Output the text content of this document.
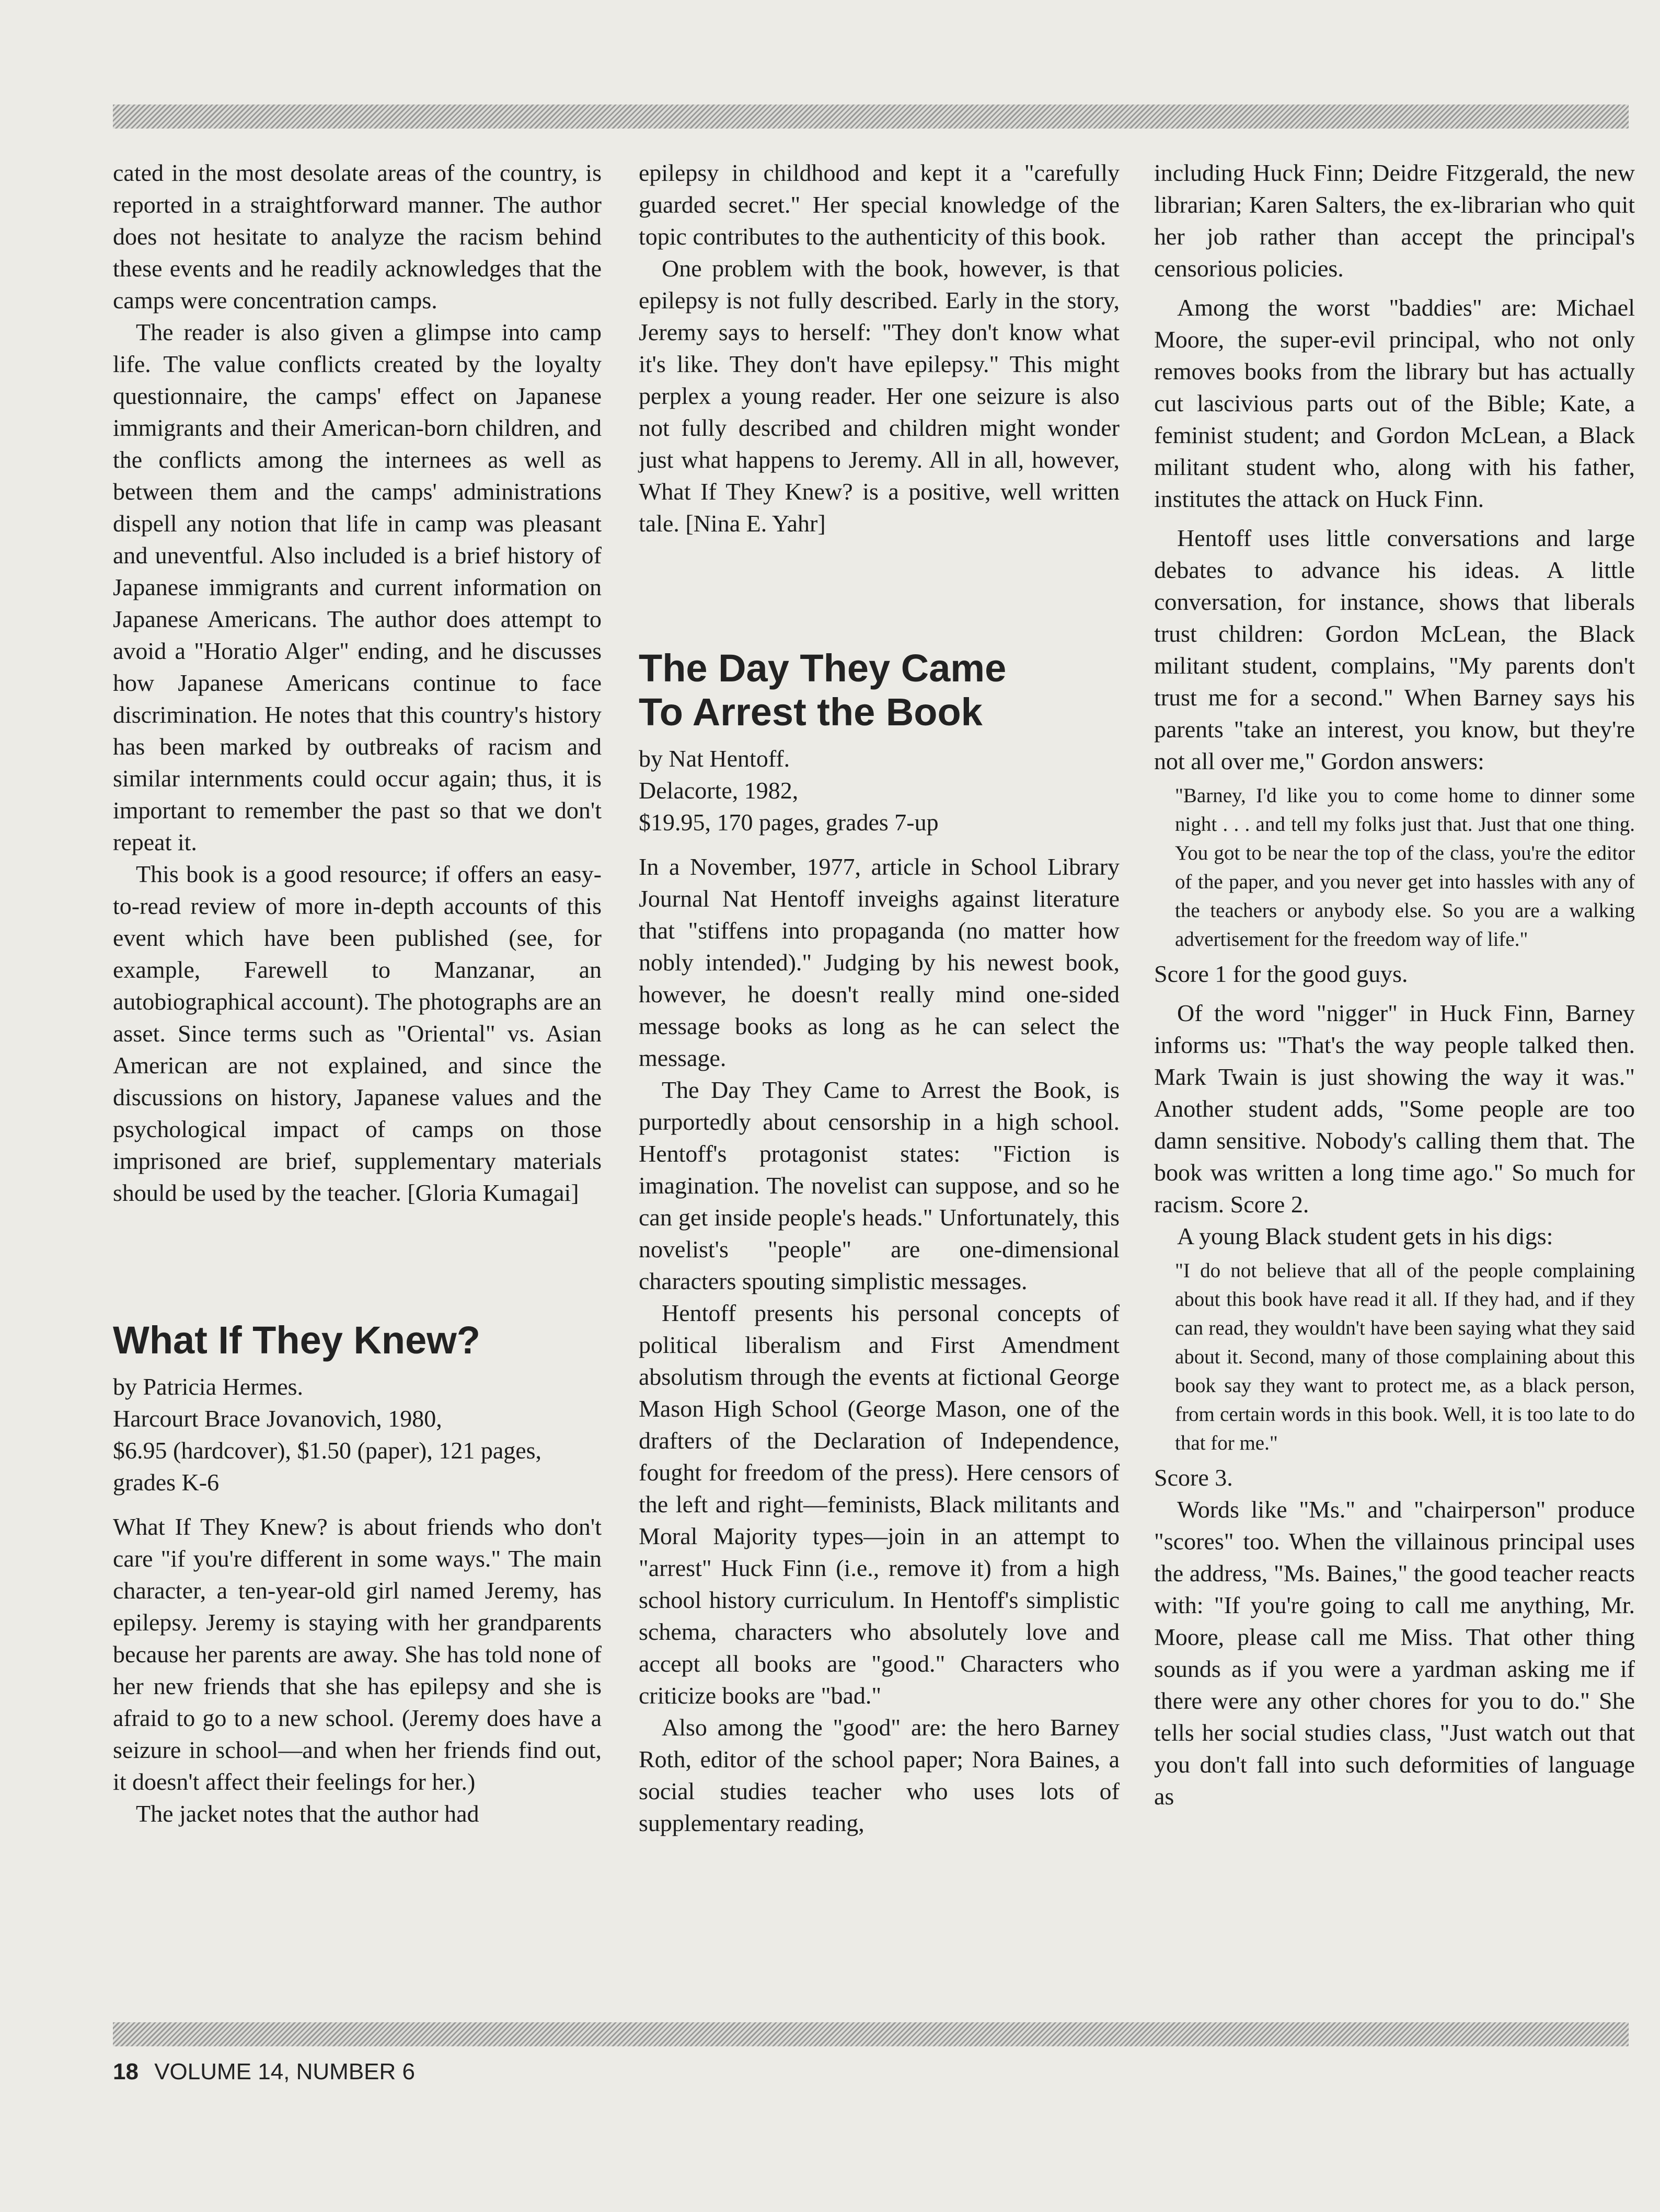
cated in the most desolate areas of the country, is reported in a straightforward manner. The author does not hesitate to analyze the racism behind these events and he readily acknowledges that the camps were concentration camps.

The reader is also given a glimpse into camp life. The value conflicts created by the loyalty questionnaire, the camps' effect on Japanese immigrants and their American-born children, and the conflicts among the internees as well as between them and the camps' administrations dispell any notion that life in camp was pleasant and uneventful. Also included is a brief history of Japanese immigrants and current information on Japanese Americans. The author does attempt to avoid a "Horatio Alger" ending, and he discusses how Japanese Americans continue to face discrimination. He notes that this country's history has been marked by outbreaks of racism and similar internments could occur again; thus, it is important to remember the past so that we don't repeat it.

This book is a good resource; if offers an easy-to-read review of more in-depth accounts of this event which have been published (see, for example, Farewell to Manzanar, an autobiographical account). The photographs are an asset. Since terms such as "Oriental" vs. Asian American are not explained, and since the discussions on history, Japanese values and the psychological impact of camps on those imprisoned are brief, supplementary materials should be used by the teacher. [Gloria Kumagai]

What If They Knew?
by Patricia Hermes.
Harcourt Brace Jovanovich, 1980,
$6.95 (hardcover), $1.50 (paper), 121 pages, grades K-6

What If They Knew? is about friends who don't care "if you're different in some ways." The main character, a ten-year-old girl named Jeremy, has epilepsy. Jeremy is staying with her grandparents because her parents are away. She has told none of her new friends that she has epilepsy and she is afraid to go to a new school. (Jeremy does have a seizure in school—and when her friends find out, it doesn't affect their feelings for her.)

The jacket notes that the author had

epilepsy in childhood and kept it a "carefully guarded secret." Her special knowledge of the topic contributes to the authenticity of this book.

One problem with the book, however, is that epilepsy is not fully described. Early in the story, Jeremy says to herself: "They don't know what it's like. They don't have epilepsy." This might perplex a young reader. Her one seizure is also not fully described and children might wonder just what happens to Jeremy. All in all, however, What If They Knew? is a positive, well written tale. [Nina E. Yahr]

The Day They Came
To Arrest the Book
by Nat Hentoff.
Delacorte, 1982,
$19.95, 170 pages, grades 7-up

In a November, 1977, article in School Library Journal Nat Hentoff inveighs against literature that "stiffens into propaganda (no matter how nobly intended)." Judging by his newest book, however, he doesn't really mind one-sided message books as long as he can select the message.

The Day They Came to Arrest the Book, is purportedly about censorship in a high school. Hentoff's protagonist states: "Fiction is imagination. The novelist can suppose, and so he can get inside people's heads." Unfortunately, this novelist's "people" are one-dimensional characters spouting simplistic messages.

Hentoff presents his personal concepts of political liberalism and First Amendment absolutism through the events at fictional George Mason High School (George Mason, one of the drafters of the Declaration of Independence, fought for freedom of the press). Here censors of the left and right—feminists, Black militants and Moral Majority types—join in an attempt to "arrest" Huck Finn (i.e., remove it) from a high school history curriculum. In Hentoff's simplistic schema, characters who absolutely love and accept all books are "good." Characters who criticize books are "bad."

Also among the "good" are: the hero Barney Roth, editor of the school paper; Nora Baines, a social studies teacher who uses lots of supplementary reading,

including Huck Finn; Deidre Fitzgerald, the new librarian; Karen Salters, the ex-librarian who quit her job rather than accept the principal's censorious policies.

Among the worst "baddies" are: Michael Moore, the super-evil principal, who not only removes books from the library but has actually cut lascivious parts out of the Bible; Kate, a feminist student; and Gordon McLean, a Black militant student who, along with his father, institutes the attack on Huck Finn.

Hentoff uses little conversations and large debates to advance his ideas. A little conversation, for instance, shows that liberals trust children: Gordon McLean, the Black militant student, complains, "My parents don't trust me for a second." When Barney says his parents "take an interest, you know, but they're not all over me," Gordon answers:

"Barney, I'd like you to come home to dinner some night . . . and tell my folks just that. Just that one thing. You got to be near the top of the class, you're the editor of the paper, and you never get into hassles with any of the teachers or anybody else. So you are a walking advertisement for the freedom way of life."

Score 1 for the good guys.

Of the word "nigger" in Huck Finn, Barney informs us: "That's the way people talked then. Mark Twain is just showing the way it was." Another student adds, "Some people are too damn sensitive. Nobody's calling them that. The book was written a long time ago." So much for racism. Score 2.

A young Black student gets in his digs:

"I do not believe that all of the people complaining about this book have read it all. If they had, and if they can read, they wouldn't have been saying what they said about it. Second, many of those complaining about this book say they want to protect me, as a black person, from certain words in this book. Well, it is too late to do that for me."

Score 3.

Words like "Ms." and "chairperson" produce "scores" too. When the villainous principal uses the address, "Ms. Baines," the good teacher reacts with: "If you're going to call me anything, Mr. Moore, please call me Miss. That other thing sounds as if you were a yardman asking me if there were any other chores for you to do." She tells her social studies class, "Just watch out that you don't fall into such deformities of language as

18 VOLUME 14, NUMBER 6
